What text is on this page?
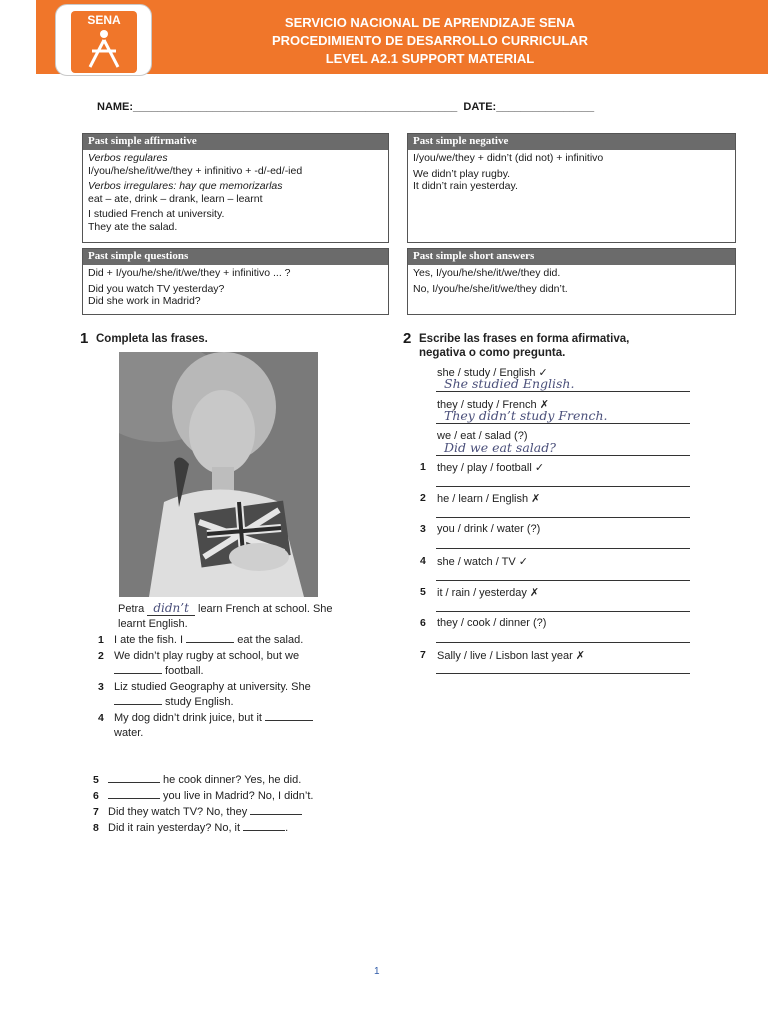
SENA	SERVICIO NACIONAL DE APRENDIZAJE SENA
PROCEDIMIENTO DE DESARROLLO CURRICULAR
LEVEL A2.1 SUPPORT MATERIAL
NAME:_____________________________________________________ DATE:________________
Past simple affirmative
Verbos regulares

I/you/he/she/it/we/they + infinitivo + -d/-ed/-ied

Verbos irregulares: hay que memorizarlas

eat – ate, drink – drank, learn – learnt

I studied French at university.
They ate the salad.
Past simple negative

I/you/we/they + didn’t (did not) + infinitivo

We didn’t play rugby.
It didn’t rain yesterday.
Past simple questions

Did + I/you/he/she/it/we/they + infinitivo ... ?

Did you watch TV yesterday?
Did she work in Madrid?
Past simple short answers

Yes, I/you/he/she/it/we/they did.

No, I/you/he/she/it/we/they didn’t.
1 Completa las frases.
Petra didn’t learn French at school. She
learnt English.
1 I ate the fish. I	eat the salad.
2 We didn’t play rugby at school, but we
football.
3 Liz studied Geography at university. She
study English.
4 My dog didn’t drink juice, but it
water.
5	he cook dinner? Yes, he did.
6	you live in Madrid? No, I didn’t.
7 Did they watch TV? No, they
8 Did it rain yesterday? No, it	.
2 Escribe las frases en forma afirmativa,
negativa o como pregunta.
she / study / English ✓
She studied English.
they / study / French ✗
They didn’t study French.
we / eat / salad (?)
Did we eat salad?
1 they / play / football ✓
2 he / learn / English ✗
3 you / drink / water (?)
4 she / watch / TV ✓
5 it / rain / yesterday ✗
6 they / cook / dinner (?)
7 Sally / live / Lisbon last year ✗
1
